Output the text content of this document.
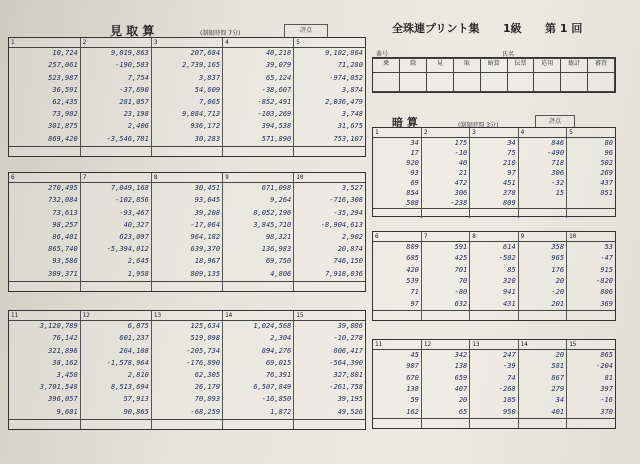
見 取 算	(制限時間 7分)	評点	全珠連プリント集 1級 第 1 回
番号	氏名
乗	除	見	取	暗算	伝票	応用	総計	審査

暗 算	(制限時間 3分)
評点
1	2	3	4	5
10,724	9,019,863	207,684	40,218	9,102,864
257,061	-190,583	2,739,165	39,079	71,280
523,987	7,754	3,837	65,124	-974,052
36,591	-37,690	54,609	-38,607	3,874
62,435	281,057	7,065	-852,491	2,036,479
73,902	23,198	9,084,713	-103,269	3,748
301,875	2,406	936,172	394,538	31,675
869,420	-3,546,781	30,283	571,890	753,107

6	7	8	9	10
270,495	7,049,168	30,451	671,098	3,527
732,084	-102,856	93,045	9,264	-716,308
73,613	-93,467	39,208	8,052,196	-35,294
98,257	40,327	-17,064	3,845,710	-8,904,613
86,401	623,097	964,182	98,321	2,902
865,740	-5,394,012	639,370	136,983	20,874
93,586	2,645	18,967	69,750	746,150
309,371	1,958	809,135	4,806	7,918,036

11	12	13	14	15
3,120,789	6,075	125,634	1,024,568	39,086
76,142	601,237	519,098	2,304	-10,278
321,896	264,108	-205,734	894,276	806,417
38,162	-1,578,964	-176,890	69,015	-564,390
3,450	2,810	62,305	76,391	327,801
3,701,548	8,513,694	26,179	6,507,849	-261,758
396,057	57,913	70,893	-16,850	39,195
9,601	90,865	-68,259	1,872	49,526

1	2	3	4	5
34	175	34	846	80
17	-10	75	-490	96
920	40	210	718	502
93	21	97	306	269
69	472	451	-32	437
854	306	378	15	851
508	-238	809		

6	7	8	9	10
809	591	614	358	53
685	425	-502	965	-47
420	701	85	176	915
539	70	320	20	-820
71	-80	941	-20	806
97	632	431	201	369

11	12	13	14	15
45	342	247	20	865
907	138	-39	581	-204
670	659	74	867	81
138	407	-268	279	397
59	20	105	34	-16
162	65	950	401	370
